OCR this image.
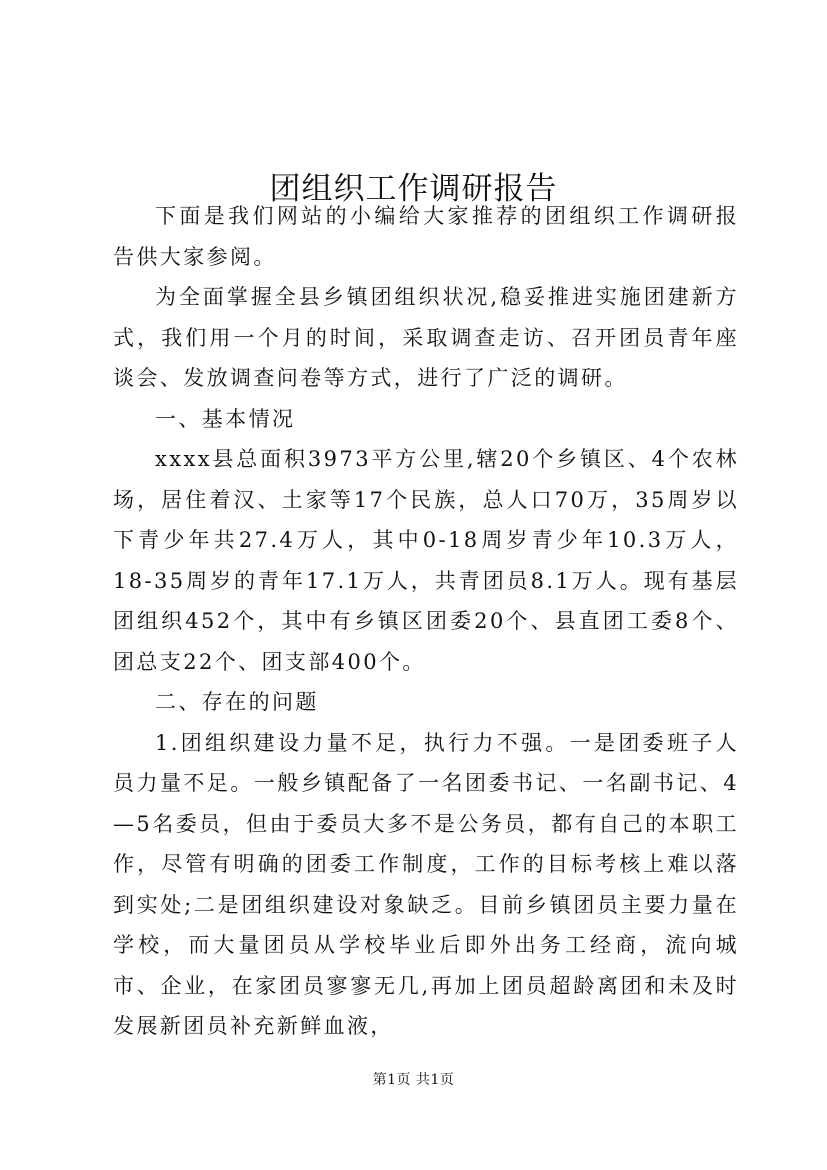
团组织工作调研报告

下面是我们网站的小编给大家推荐的团组织工作调研报告供大家参阅。

为全面掌握全县乡镇团组织状况,稳妥推进实施团建新方式，我们用一个月的时间，采取调查走访、召开团员青年座谈会、发放调查问卷等方式，进行了广泛的调研。

一、基本情况

xxxx县总面积3973平方公里,辖20个乡镇区、4个农林场，居住着汉、土家等17个民族，总人口70万，35周岁以下青少年共27.4万人，其中0-18周岁青少年10.3万人，18-35周岁的青年17.1万人，共青团员8.1万人。现有基层团组织452个，其中有乡镇区团委20个、县直团工委8个、团总支22个、团支部400个。

二、存在的问题

1.团组织建设力量不足，执行力不强。一是团委班子人员力量不足。一般乡镇配备了一名团委书记、一名副书记、4—5名委员，但由于委员大多不是公务员，都有自己的本职工作，尽管有明确的团委工作制度，工作的目标考核上难以落到实处;二是团组织建设对象缺乏。目前乡镇团员主要力量在学校，而大量团员从学校毕业后即外出务工经商，流向城市、企业，在家团员寥寥无几,再加上团员超龄离团和未及时发展新团员补充新鲜血液，

第1页 共1页
